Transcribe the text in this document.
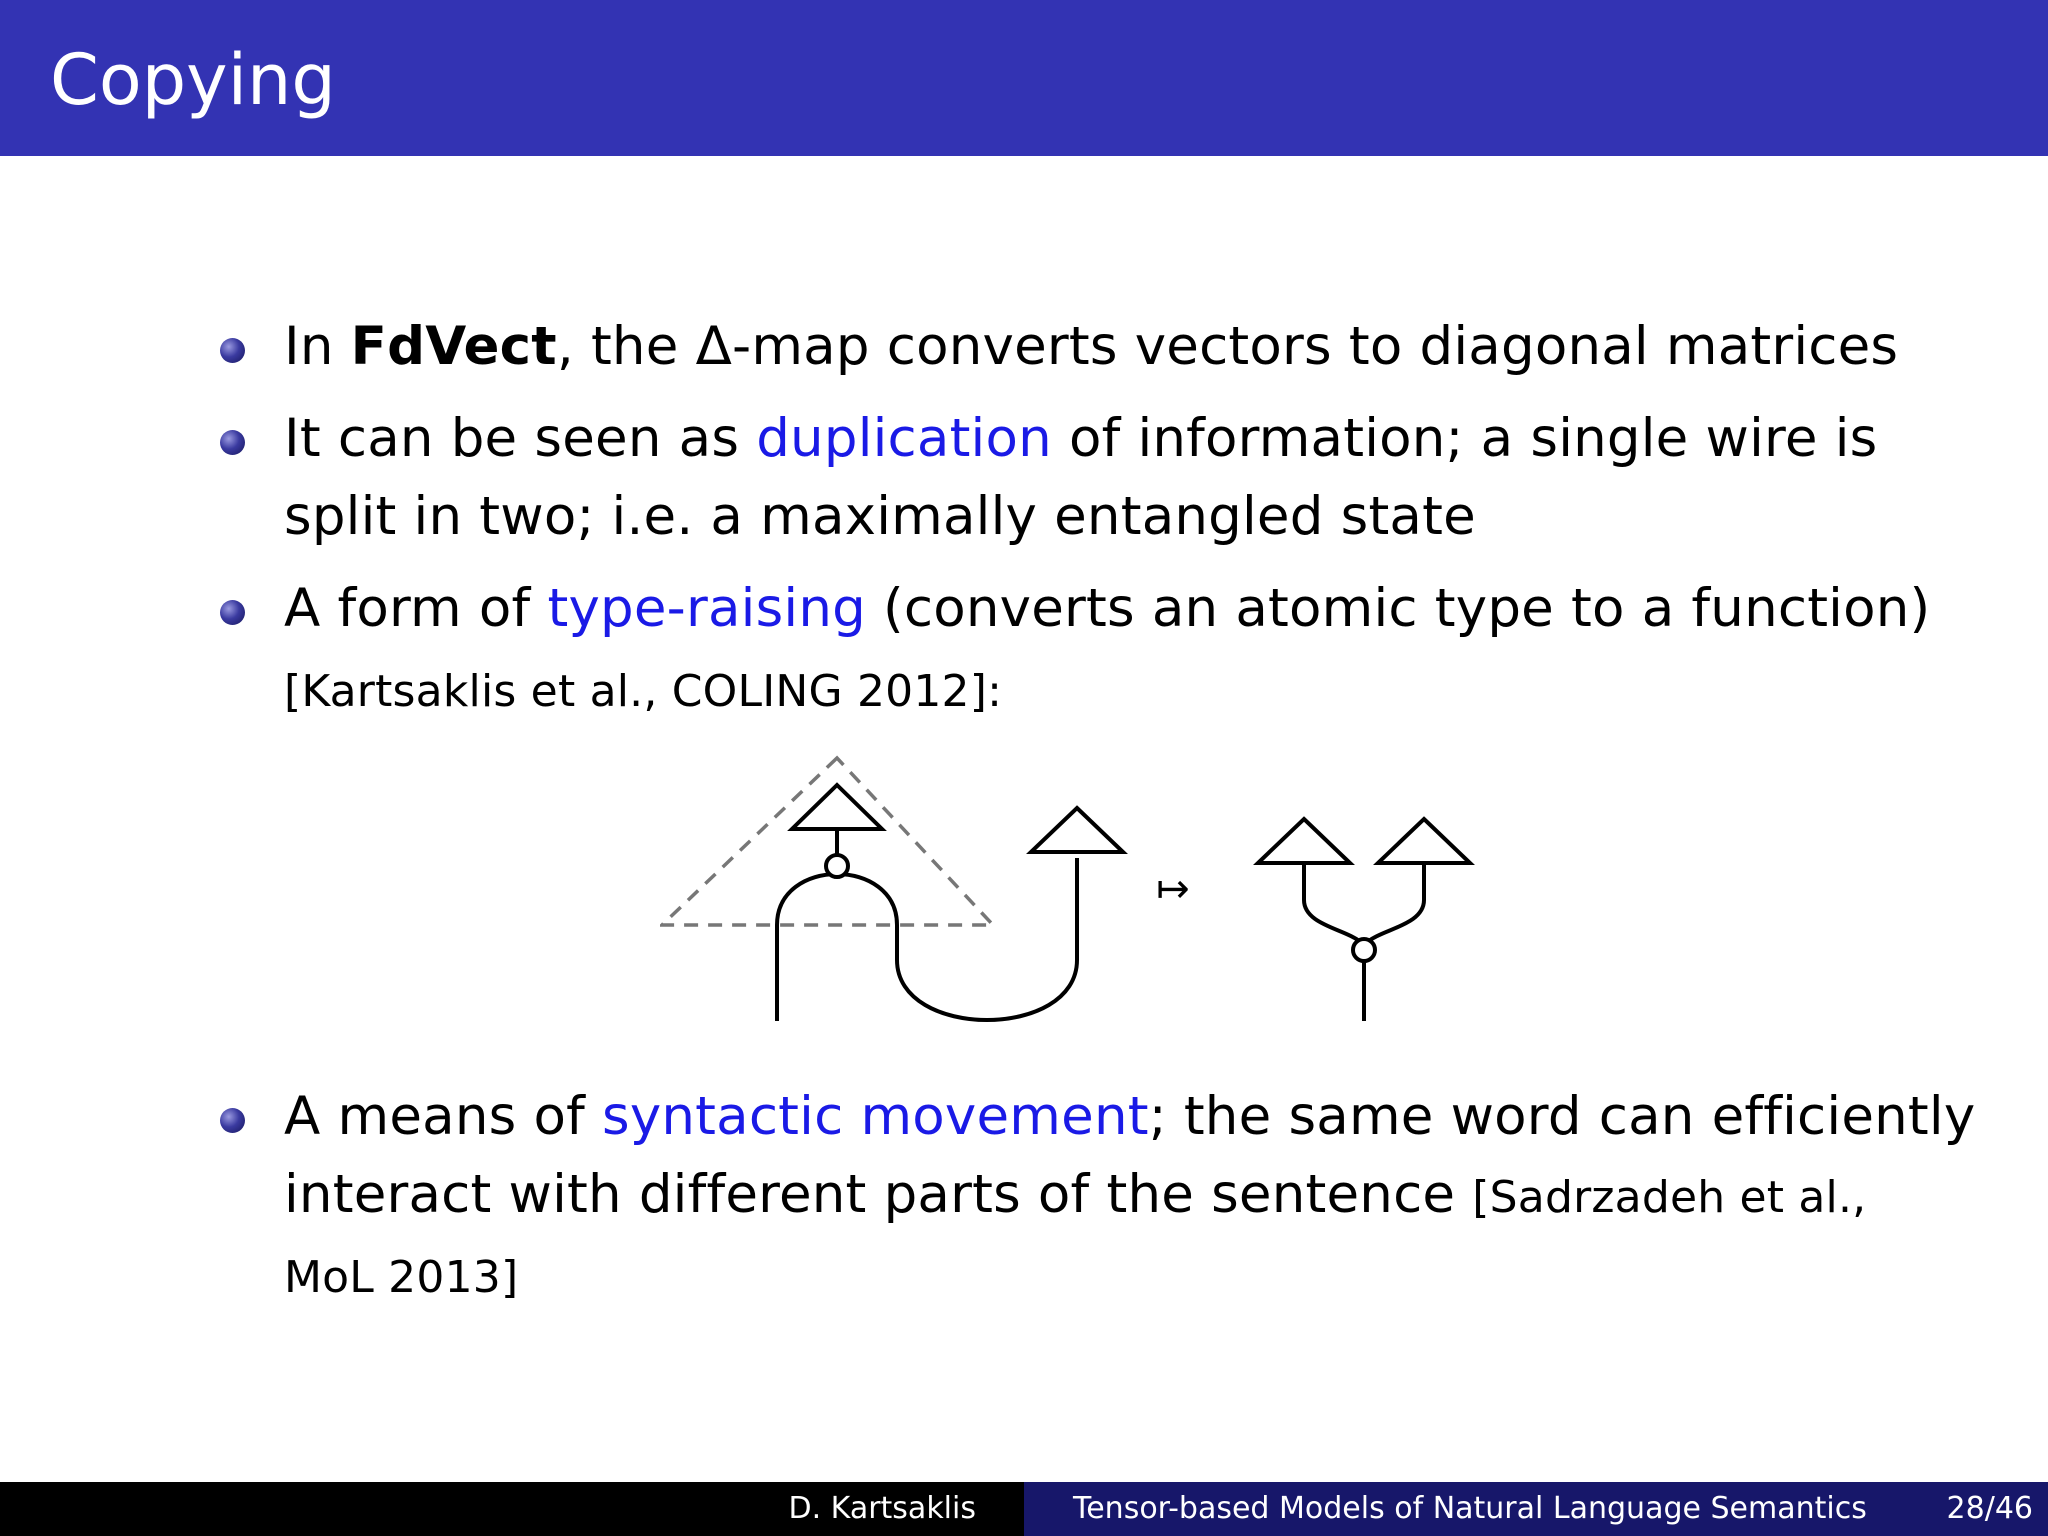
Copying
In FdVect, the Δ-map converts vectors to diagonal matrices
It can be seen as duplication of information; a single wire is
split in two; i.e. a maximally entangled state
A form of type-raising (converts an atomic type to a function)
[Kartsaklis et al., COLING 2012]:
↦
A means of syntactic movement; the same word can efficiently
interact with different parts of the sentence [Sadrzadeh et al.,
MoL 2013]
D. Kartsaklis	Tensor-based Models of Natural Language Semantics	28/46
